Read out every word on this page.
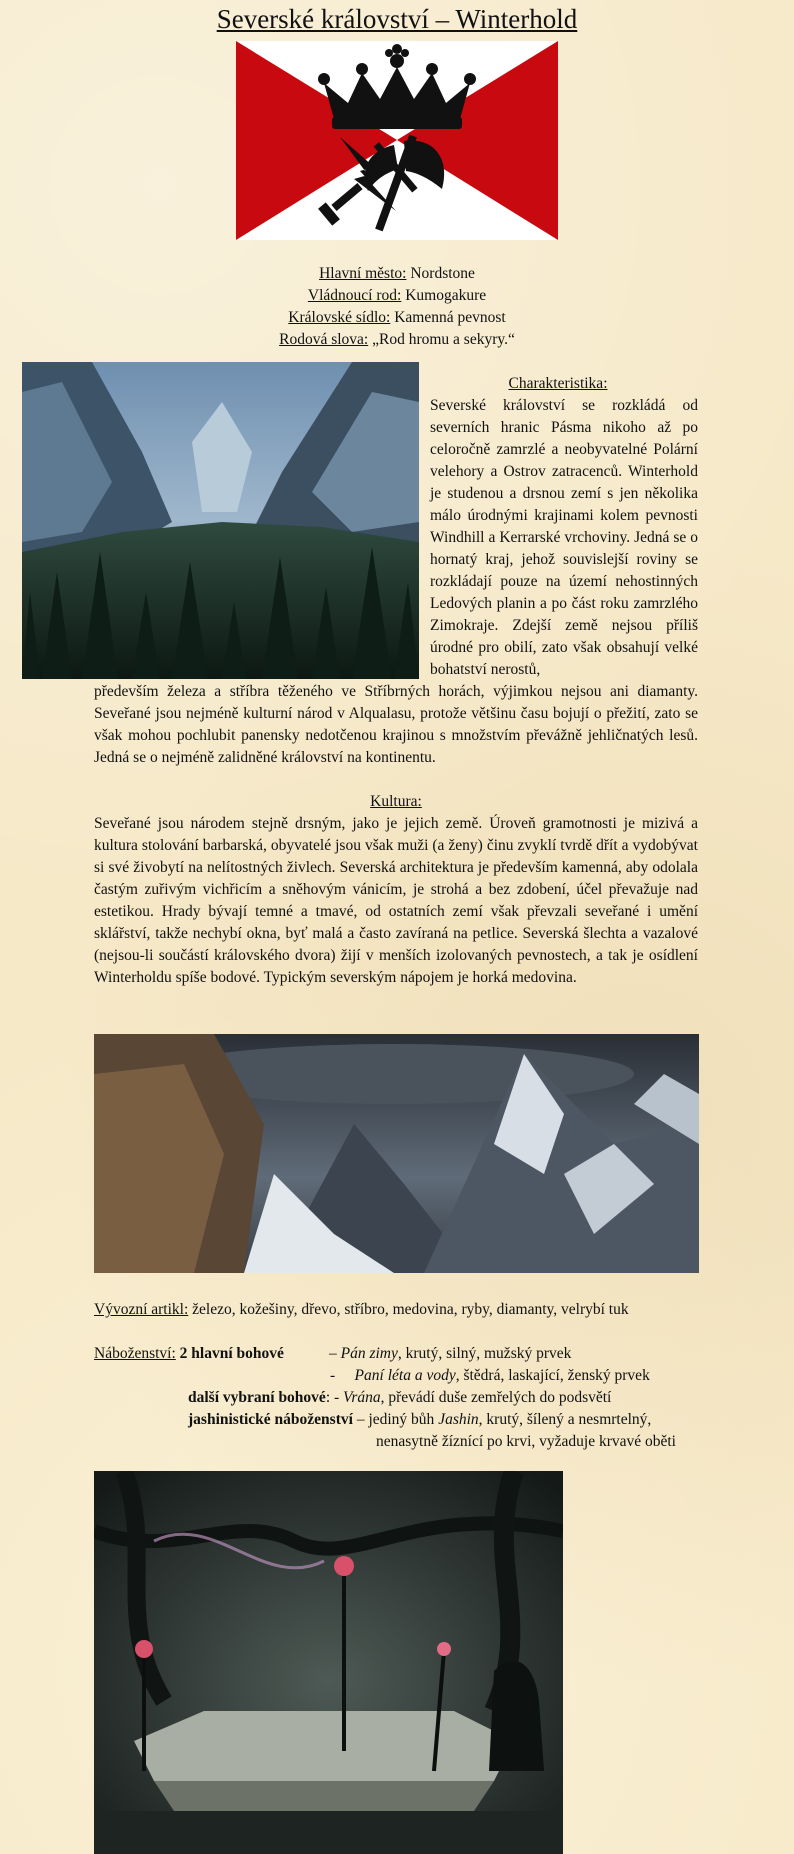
Severské království – Winterhold
Hlavní město: Nordstone
Vládnoucí rod: Kumogakure
Královské sídlo: Kamenná pevnost
Rodová slova: „Rod hromu a sekyry.“
Charakteristika:
Severské království se rozkládá od severních hranic Pásma nikoho až po celoročně zamrzlé a neobyvatelné Polární velehory a Ostrov zatracenců. Winterhold je studenou a drsnou zemí s jen několika málo úrodnými krajinami kolem pevnosti Windhill a Kerrarské vrchoviny. Jedná se o hornatý kraj, jehož souvislejší roviny se rozkládají pouze na území nehostinných Ledových planin a po část roku zamrzlého Zimokraje. Zdejší země nejsou příliš úrodné pro obilí, zato však obsahují velké bohatství nerostů,
především železa a stříbra těženého ve Stříbrných horách, výjimkou nejsou ani diamanty. Seveřané jsou nejméně kulturní národ v Alqualasu, protože většinu času bojují o přežití, zato se však mohou pochlubit panensky nedotčenou krajinou s množstvím převážně jehličnatých lesů. Jedná se o nejméně zalidněné království na kontinentu.
Kultura:
Seveřané jsou národem stejně drsným, jako je jejich země. Úroveň gramotnosti je mizivá a kultura stolování barbarská, obyvatelé jsou však muži (a ženy) činu zvyklí tvrdě dřít a vydobývat si své živobytí na nelítostných živlech. Severská architektura je především kamenná, aby odolala častým zuřivým vichřicím a sněhovým vánicím, je strohá a bez zdobení, účel převažuje nad estetikou. Hrady bývají temné a tmavé, od ostatních zemí však převzali seveřané i umění sklářství, takže nechybí okna, byť malá a často zavíraná na petlice. Severská šlechta a vazalové (nejsou-li součástí královského dvora) žijí v menších izolovaných pevnostech, a tak je osídlení Winterholdu spíše bodové. Typickým severským nápojem je horká medovina.
Vývozní artikl: železo, kožešiny, dřevo, stříbro, medovina, ryby, diamanty, velrybí tuk
Náboženství: 2 hlavní bohové	– Pán zimy, krutý, silný, mužský prvek
-     Paní léta a vody, štědrá, laskající, ženský prvek
další vybraní bohové: - Vrána, převádí duše zemřelých do podsvětí
jashinistické náboženství – jediný bůh Jashin, krutý, šílený a nesmrtelný,
nenasytně žíznící po krvi, vyžaduje krvavé oběti
